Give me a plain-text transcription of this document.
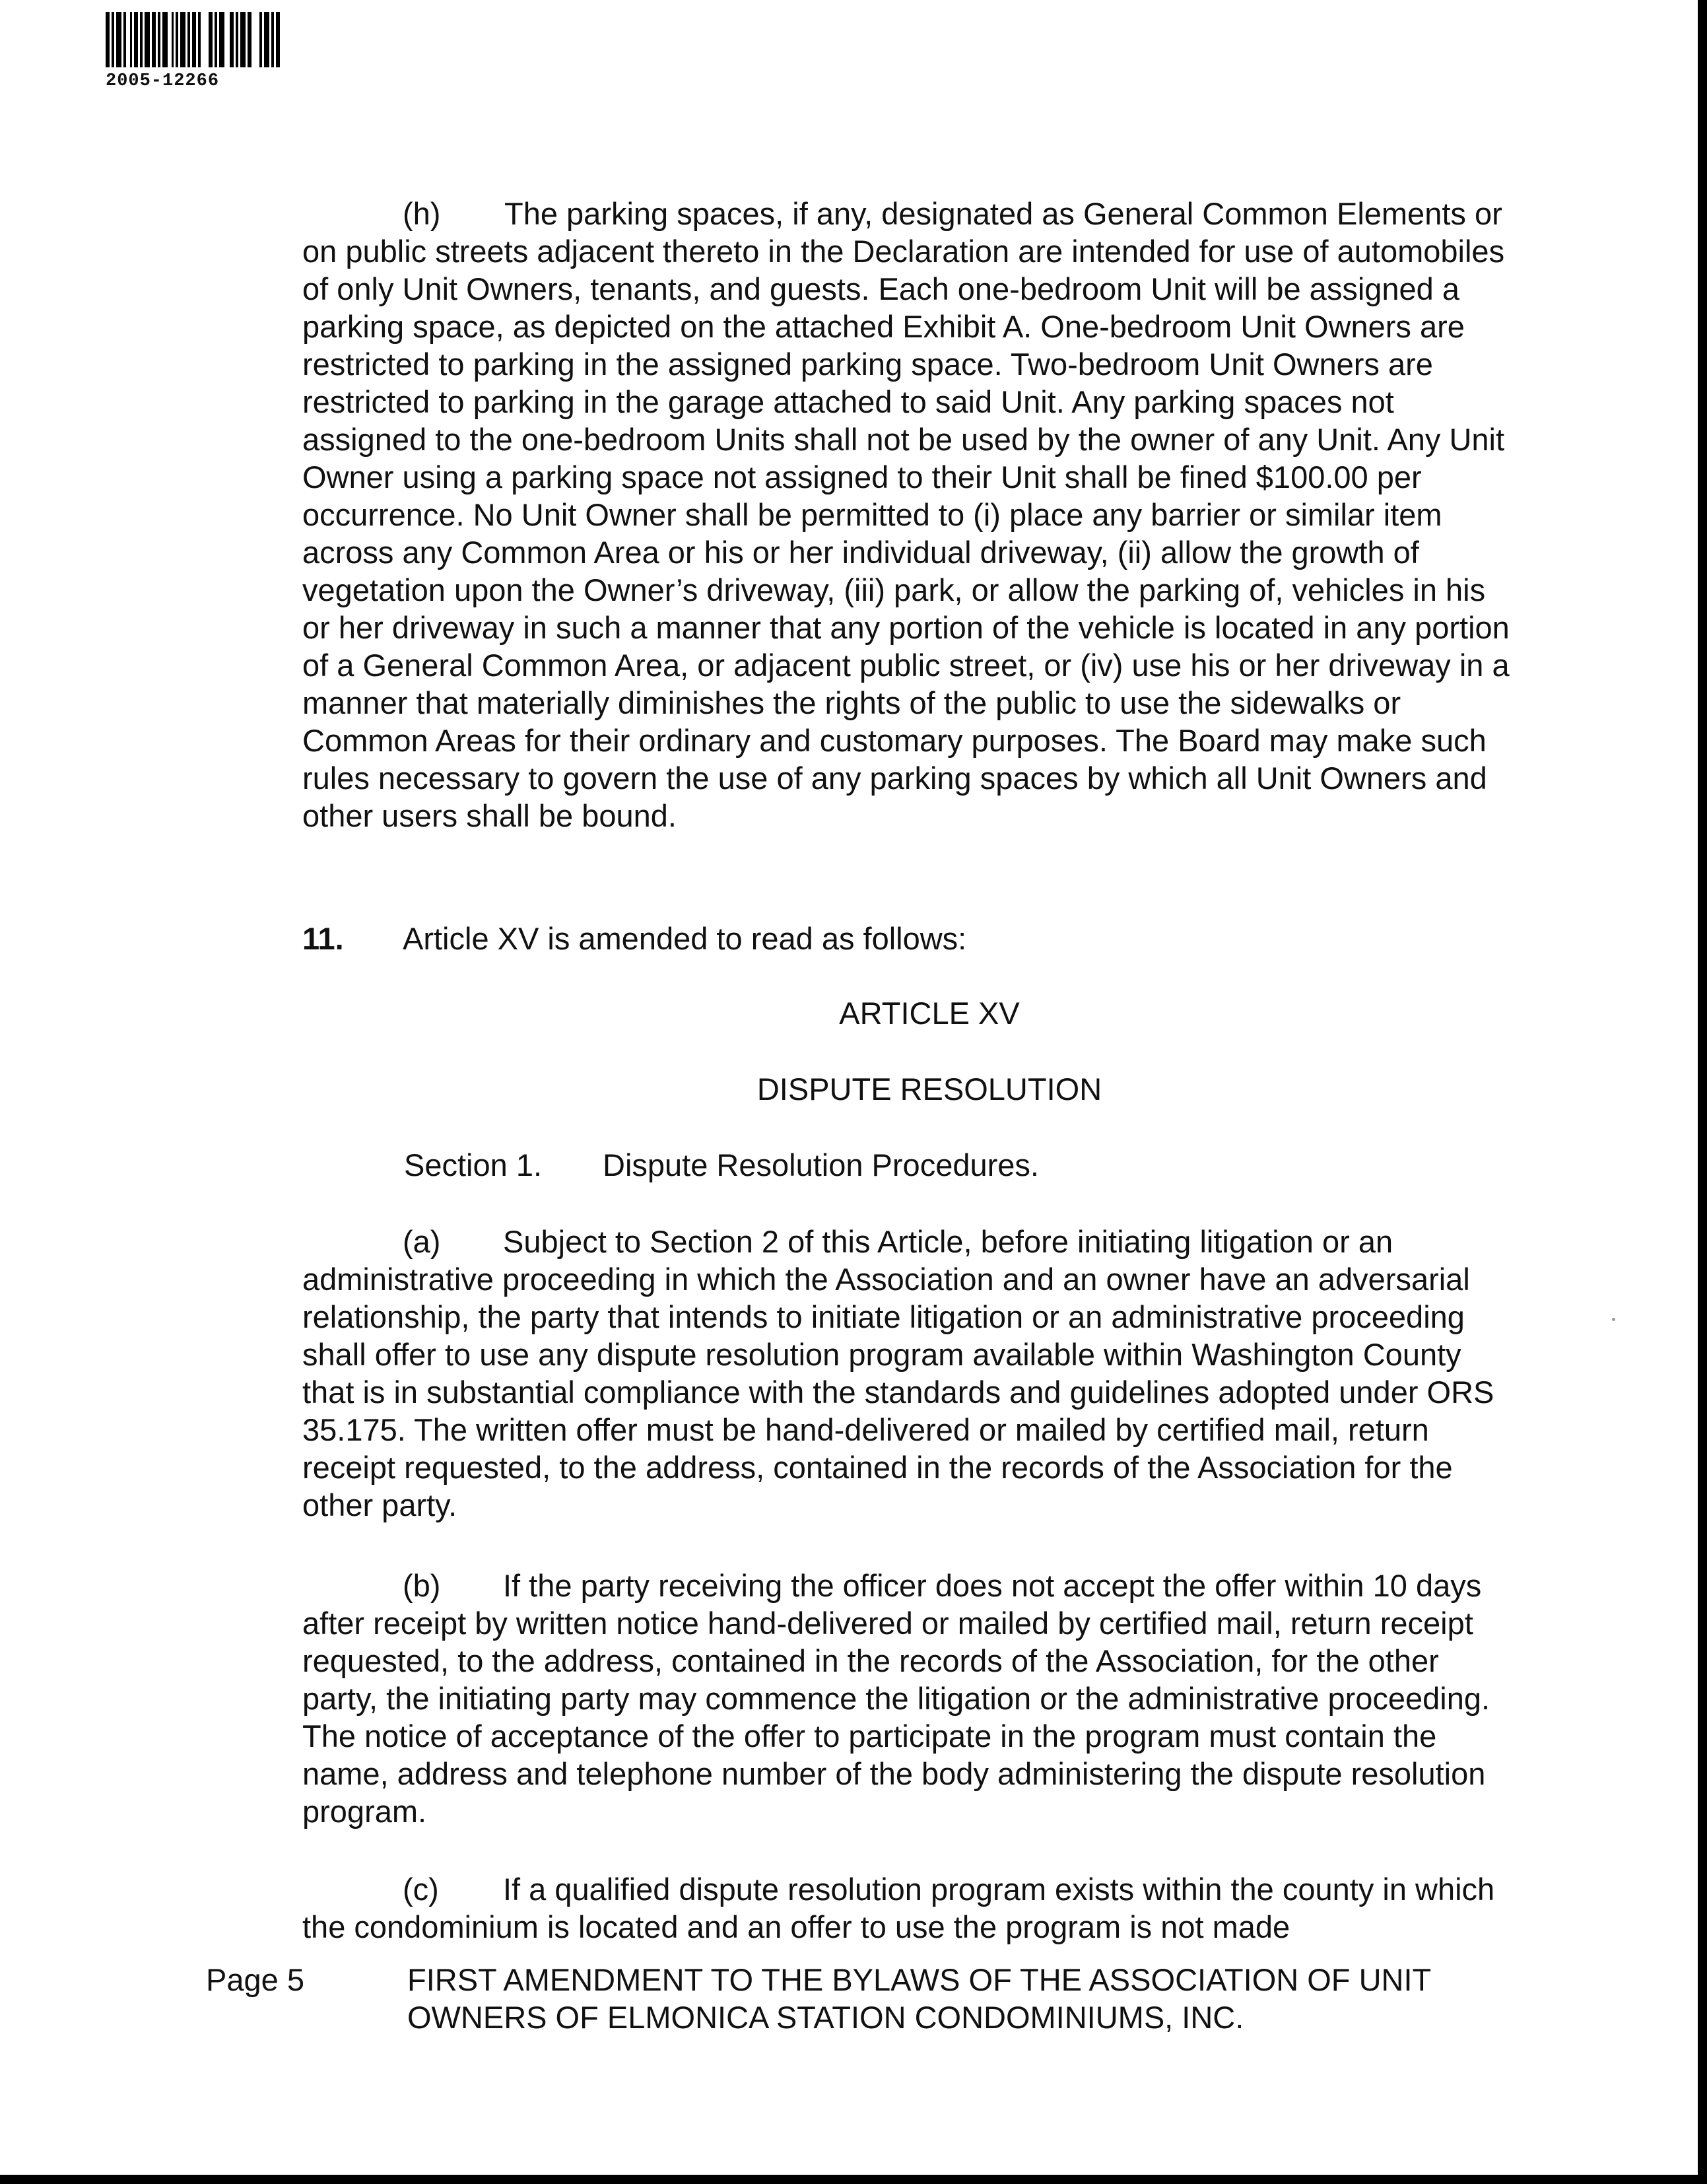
2005-12266

(h) The parking spaces, if any, designated as General Common Elements or on public streets adjacent thereto in the Declaration are intended for use of automobiles of only Unit Owners, tenants, and guests. Each one-bedroom Unit will be assigned a parking space, as depicted on the attached Exhibit A. One-bedroom Unit Owners are restricted to parking in the assigned parking space. Two-bedroom Unit Owners are restricted to parking in the garage attached to said Unit. Any parking spaces not assigned to the one-bedroom Units shall not be used by the owner of any Unit. Any Unit Owner using a parking space not assigned to their Unit shall be fined $100.00 per occurrence. No Unit Owner shall be permitted to (i) place any barrier or similar item across any Common Area or his or her individual driveway, (ii) allow the growth of vegetation upon the Owner’s driveway, (iii) park, or allow the parking of, vehicles in his or her driveway in such a manner that any portion of the vehicle is located in any portion of a General Common Area, or adjacent public street, or (iv) use his or her driveway in a manner that materially diminishes the rights of the public to use the sidewalks or Common Areas for their ordinary and customary purposes. The Board may make such rules necessary to govern the use of any parking spaces by which all Unit Owners and other users shall be bound.

11. Article XV is amended to read as follows:
ARTICLE XV
DISPUTE RESOLUTION
Section 1. Dispute Resolution Procedures.

(a) Subject to Section 2 of this Article, before initiating litigation or an administrative proceeding in which the Association and an owner have an adversarial relationship, the party that intends to initiate litigation or an administrative proceeding shall offer to use any dispute resolution program available within Washington County that is in substantial compliance with the standards and guidelines adopted under ORS 35.175. The written offer must be hand-delivered or mailed by certified mail, return receipt requested, to the address, contained in the records of the Association for the other party.

(b) If the party receiving the officer does not accept the offer within 10 days after receipt by written notice hand-delivered or mailed by certified mail, return receipt requested, to the address, contained in the records of the Association, for the other party, the initiating party may commence the litigation or the administrative proceeding. The notice of acceptance of the offer to participate in the program must contain the name, address and telephone number of the body administering the dispute resolution program.

(c) If a qualified dispute resolution program exists within the county in which the condominium is located and an offer to use the program is not made

Page 5	FIRST AMENDMENT TO THE BYLAWS OF THE ASSOCIATION OF UNIT OWNERS OF ELMONICA STATION CONDOMINIUMS, INC.
